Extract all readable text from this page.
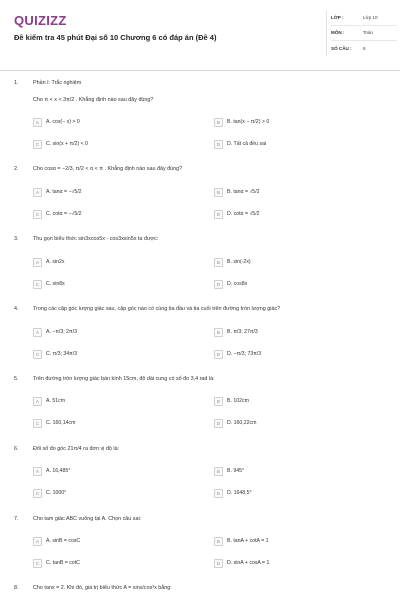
QUIZIZZ
Đề kiểm tra 45 phút Đại số 10 Chương 6 có đáp án (Đề 4)
LỚP :	Lớp 10
MÔN :	Toán
SỐ CÂU :	8
1.	Phần I: Trắc nghiệm
Cho π < x < 3π/2 . Khẳng định nào sau đây đúng?
A	A. cos(− x) > 0	B	B. tan(x − π/2) > 0
C	C. sin(x + π/2) < 0	D	D. Tất cả đều sai
2.	Cho cosα = −2/3, π/2 < α < π . Khẳng định nào sau đây đúng?
A	A. tanα = −√5/2	B	B. tanα = √5/2
C	C. cotα = −√5/2	D	D. cotα = √5/2
3.	Thu gọn biểu thức sin3xcos5x - cos3xsin5x ta được:
A	A. sin2x	B	B. sin(-2x)
C	C. sin8x	D	D. cos8x
4.	Trong các cặp góc lượng giác sau, cặp góc nào có cùng tia đầu và tia cuối trên đường tròn lượng giác?
A	A. −π/3; 2π/3	B	B. π/3; 27π/3
C	C. π/3; 34π/3	D	D. −π/3; 73π/3
5.	Trên đường tròn lượng giác bán kính 15cm, độ dài cung có số đo 3,4 rad là:
A	A. 51cm	B	B. 102cm
C	C. 160,14cm	D	D. 160,22cm
6.	Đổi số đo góc 21π/4 ra đơn vị độ là:
A	A. 16,485°	B	B. 945°
C	C. 1000°	D	D. 1648,5°
7.	Cho tam giác ABC vuông tại A. Chọn câu sai:
A	A. sinB = cosC	B	B. tanA + cotA = 1
C	C. tanB = cotC	D	D. sinA + cosA = 1
8.	Cho tanx = 2. Khi đó, giá trị biểu thức A = sinx/cos³x bằng:
